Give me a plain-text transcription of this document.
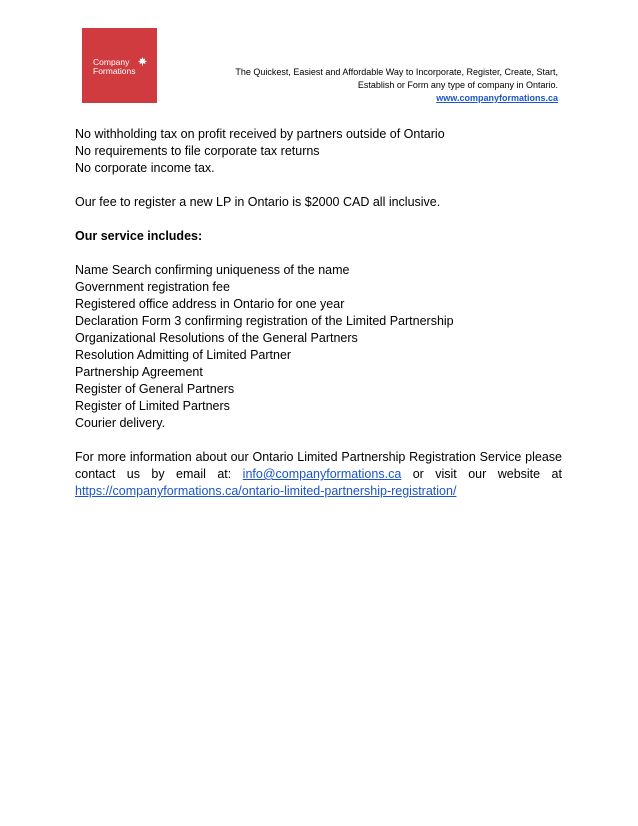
Company
Formations	The Quickest, Easiest and Affordable Way to Incorporate, Register, Create, Start,
Establish or Form any type of company in Ontario.
www.companyformations.ca

No withholding tax on profit received by partners outside of Ontario

No requirements to file corporate tax returns

No corporate income tax.

Our fee to register a new LP in Ontario is $2000 CAD all inclusive.

Our service includes:

Name Search confirming uniqueness of the name

Government registration fee

Registered office address in Ontario for one year

Declaration Form 3 confirming registration of the Limited Partnership

Organizational Resolutions of the General Partners

Resolution Admitting of Limited Partner

Partnership Agreement

Register of General Partners

Register of Limited Partners

Courier delivery.

For more information about our Ontario Limited Partnership Registration Service please contact us by email at: info@companyformations.ca or visit our website at https://companyformations.ca/ontario-limited-partnership-registration/
